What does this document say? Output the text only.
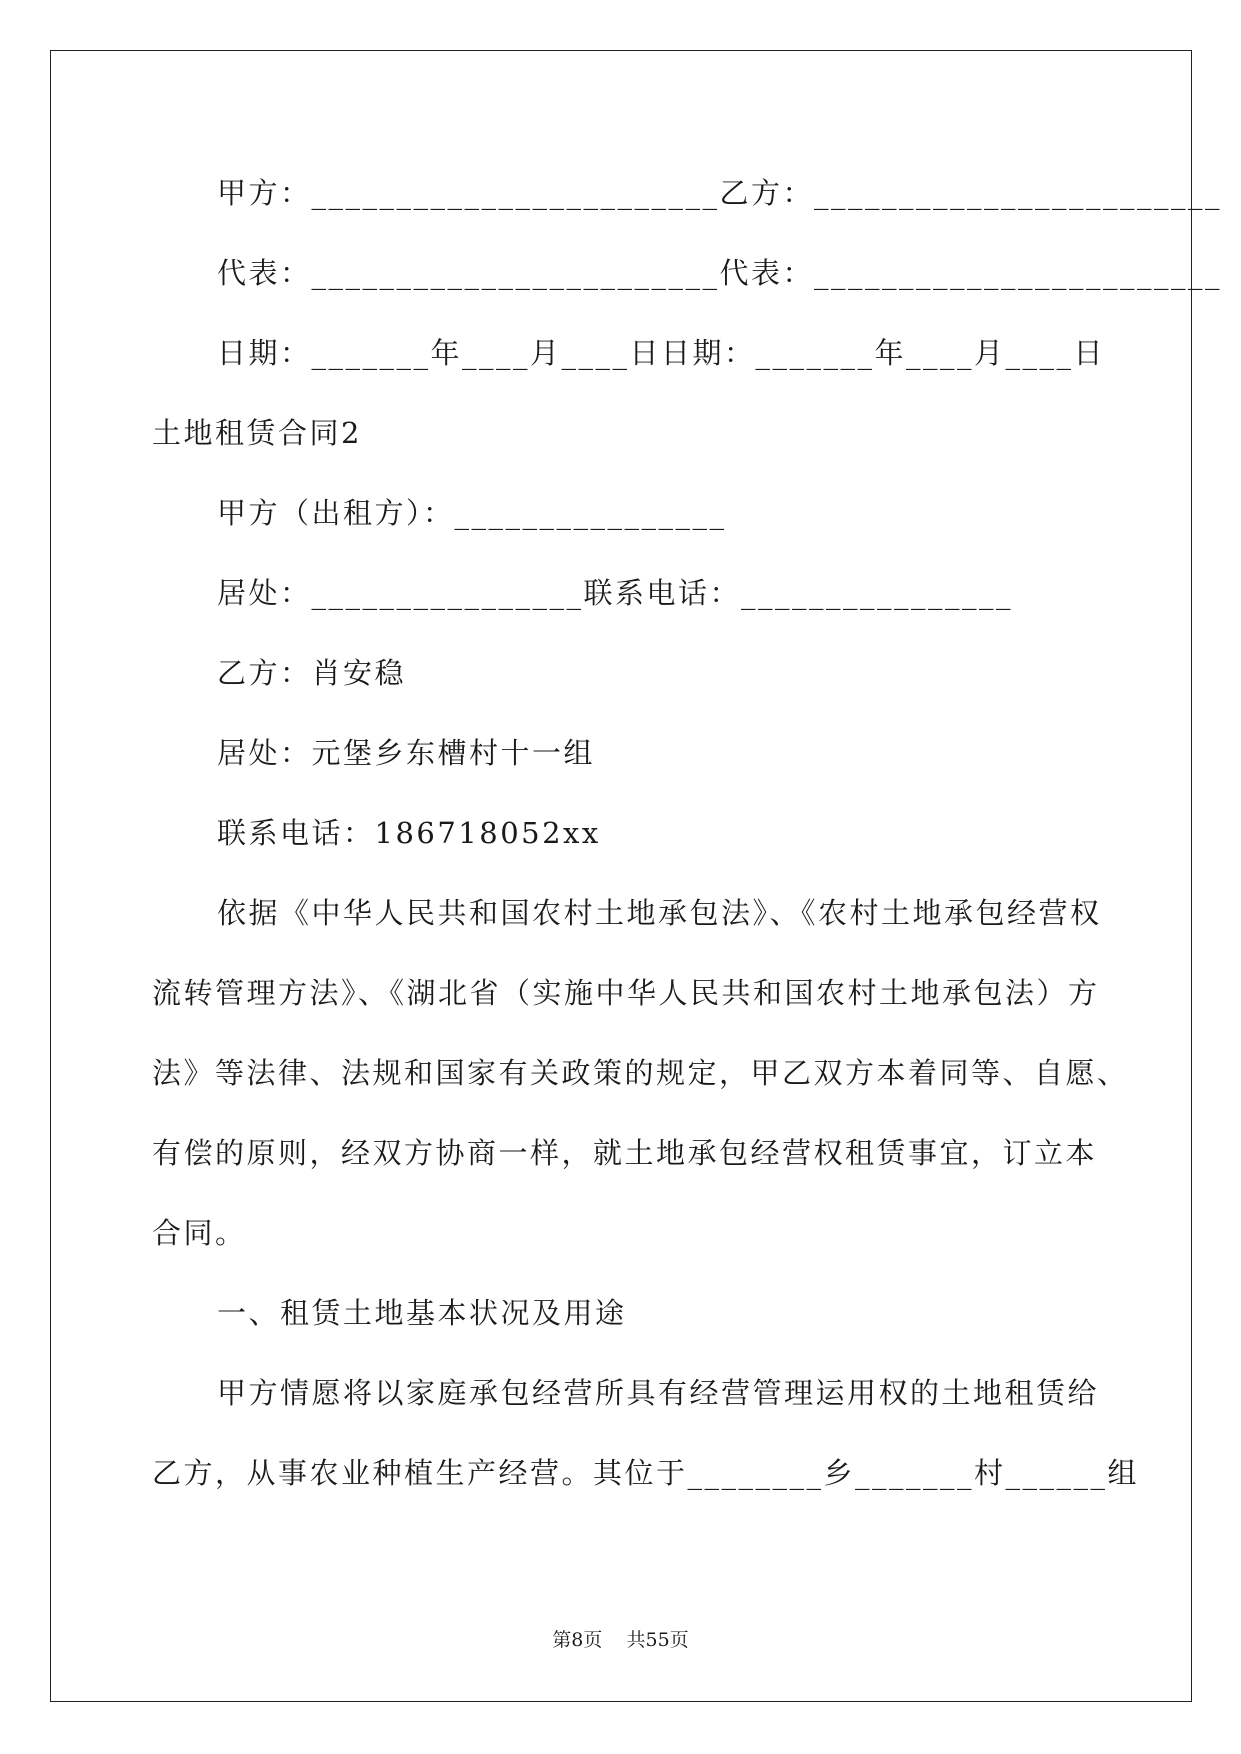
甲方：________________________乙方：________________________
代表：________________________代表：________________________
日期：_______年____月____日日期：_______年____月____日
土地租赁合同2
甲方（出租方）：________________
居处：________________联系电话：________________
乙方：肖安稳
居处：元堡乡东槽村十一组
联系电话：186718052xx
依据《中华人民共和国农村土地承包法》、《农村土地承包经营权
流转管理方法》、《湖北省（实施中华人民共和国农村土地承包法）方
法》等法律、法规和国家有关政策的规定，甲乙双方本着同等、自愿、
有偿的原则，经双方协商一样，就土地承包经营权租赁事宜，订立本
合同。
一、租赁土地基本状况及用途
甲方情愿将以家庭承包经营所具有经营管理运用权的土地租赁给
乙方，从事农业种植生产经营。其位于________乡_______村______组
第8页    共55页
